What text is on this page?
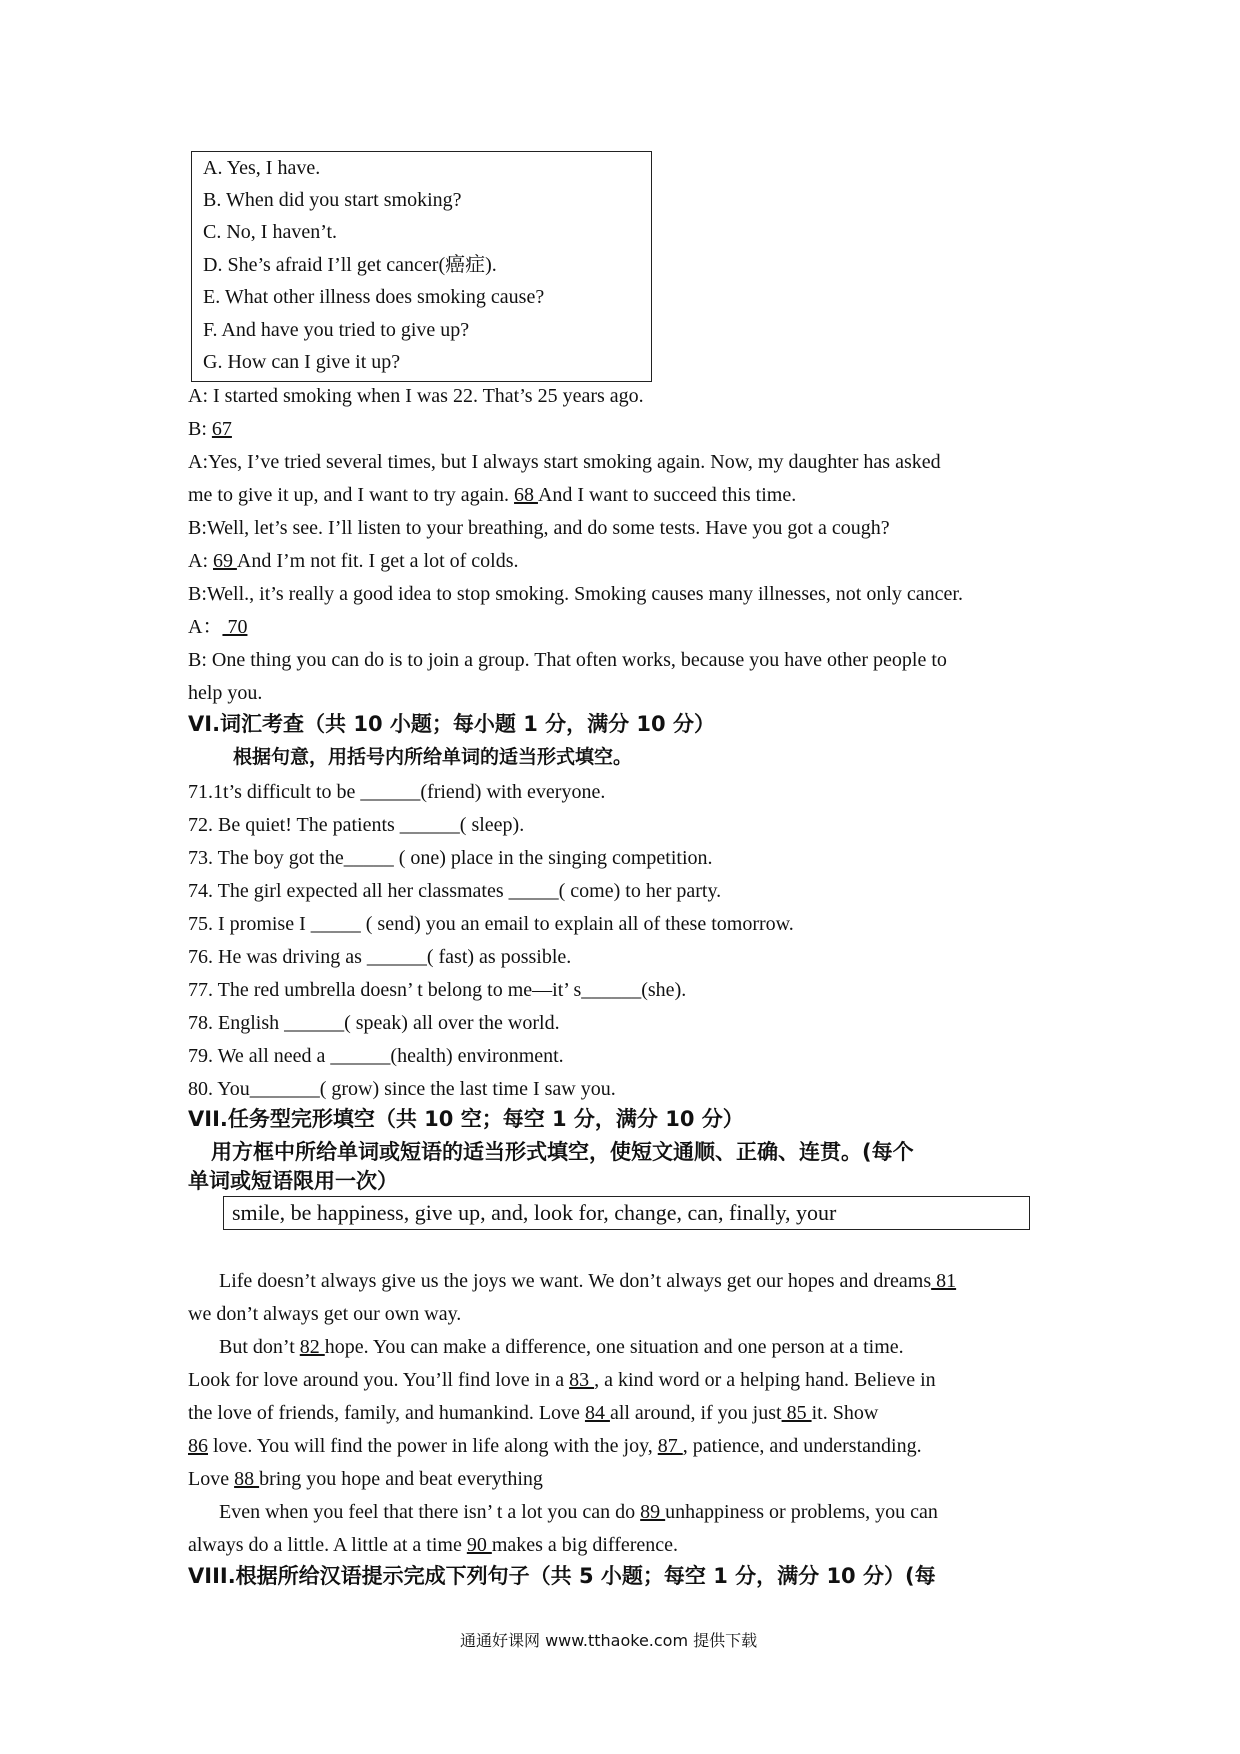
A. Yes, I have.
B. When did you start smoking?
C. No, I haven’t.
D. She’s afraid I’ll get cancer(癌症).
E. What other illness does smoking cause?
F. And have you tried to give up?
G. How can I give it up?
A: I started smoking when I was 22. That’s 25 years ago.
B: 67
A:Yes, I’ve tried several times, but I always start smoking again. Now, my daughter has asked
me to give it up, and I want to try again. 68 And I want to succeed this time.
B:Well, let’s see. I’ll listen to your breathing, and do some tests. Have you got a cough?
A: 69 And I’m not fit. I get a lot of colds.
B:Well., it’s really a good idea to stop smoking. Smoking causes many illnesses, not only cancer.
A： 70
B: One thing you can do is to join a group. That often works, because you have other people to
help you.
VI.词汇考查（共 10 小题；每小题 1 分，满分 10 分）
根据句意，用括号内所给单词的适当形式填空。
71.1t’s difficult to be ______(friend) with everyone.
72. Be quiet! The patients ______( sleep).
73. The boy got the_____ ( one) place in the singing competition.
74. The girl expected all her classmates _____( come) to her party.
75. I promise I _____ ( send) you an email to explain all of these tomorrow.
76. He was driving as ______( fast) as possible.
77. The red umbrella doesn’ t belong to me—it’ s______(she).
78. English ______( speak) all over the world.
79. We all need a ______(health) environment.
80. You_______( grow) since the last time I saw you.
VII.任务型完形填空（共 10 空；每空 1 分，满分 10 分）
用方框中所给单词或短语的适当形式填空，使短文通顺、正确、连贯。(每个
单词或短语限用一次）
smile, be happiness, give up, and, look for, change, can, finally, your
Life doesn’t always give us the joys we want. We don’t always get our hopes and dreams 81
we don’t always get our own way.
But don’t 82 hope. You can make a difference, one situation and one person at a time.
Look for love around you. You’ll find love in a 83 , a kind word or a helping hand. Believe in
the love of friends, family, and humankind. Love 84 all around, if you just 85 it. Show
86 love. You will find the power in life along with the joy, 87 , patience, and understanding.
Love 88 bring you hope and beat everything
Even when you feel that there isn’ t a lot you can do 89 unhappiness or problems, you can
always do a little. A little at a time 90 makes a big difference.
VIII.根据所给汉语提示完成下列句子（共 5 小题；每空 1 分，满分 10 分）(每
通通好课网 www.tthaoke.com 提供下载
